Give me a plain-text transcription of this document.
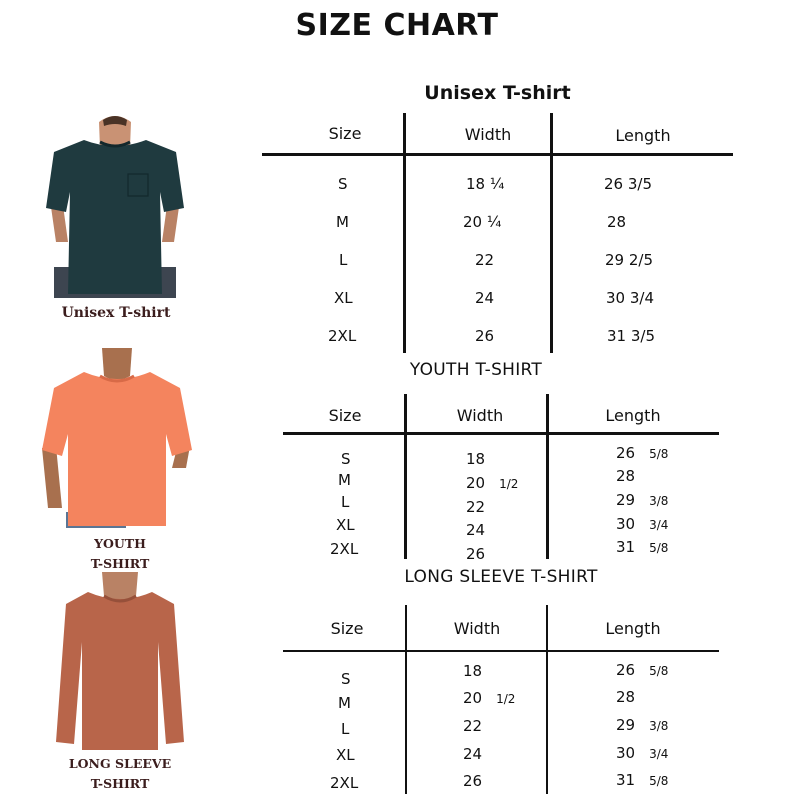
SIZE CHART
Unisex T-shirt
YOUTH
T-SHIRT
LONG SLEEVE
T-SHIRT
Unisex T-shirt
Size	Width	Length
S	18 ¼	26 3/5
M	20 ¼	28
L	22	29 2/5
XL	24	30 3/4
2XL	26	31 3/5
YOUTH T-SHIRT
Size	Width	Length
S	18	26 5/8
M	20 1/2	28
L	22	29 3/8
XL	24	30 3/4
2XL	26	31 5/8
LONG SLEEVE T-SHIRT
Size	Width	Length
S	18	26 5/8
M	20 1/2	28
L	22	29 3/8
XL	24	30 3/4
2XL	26	31 5/8
